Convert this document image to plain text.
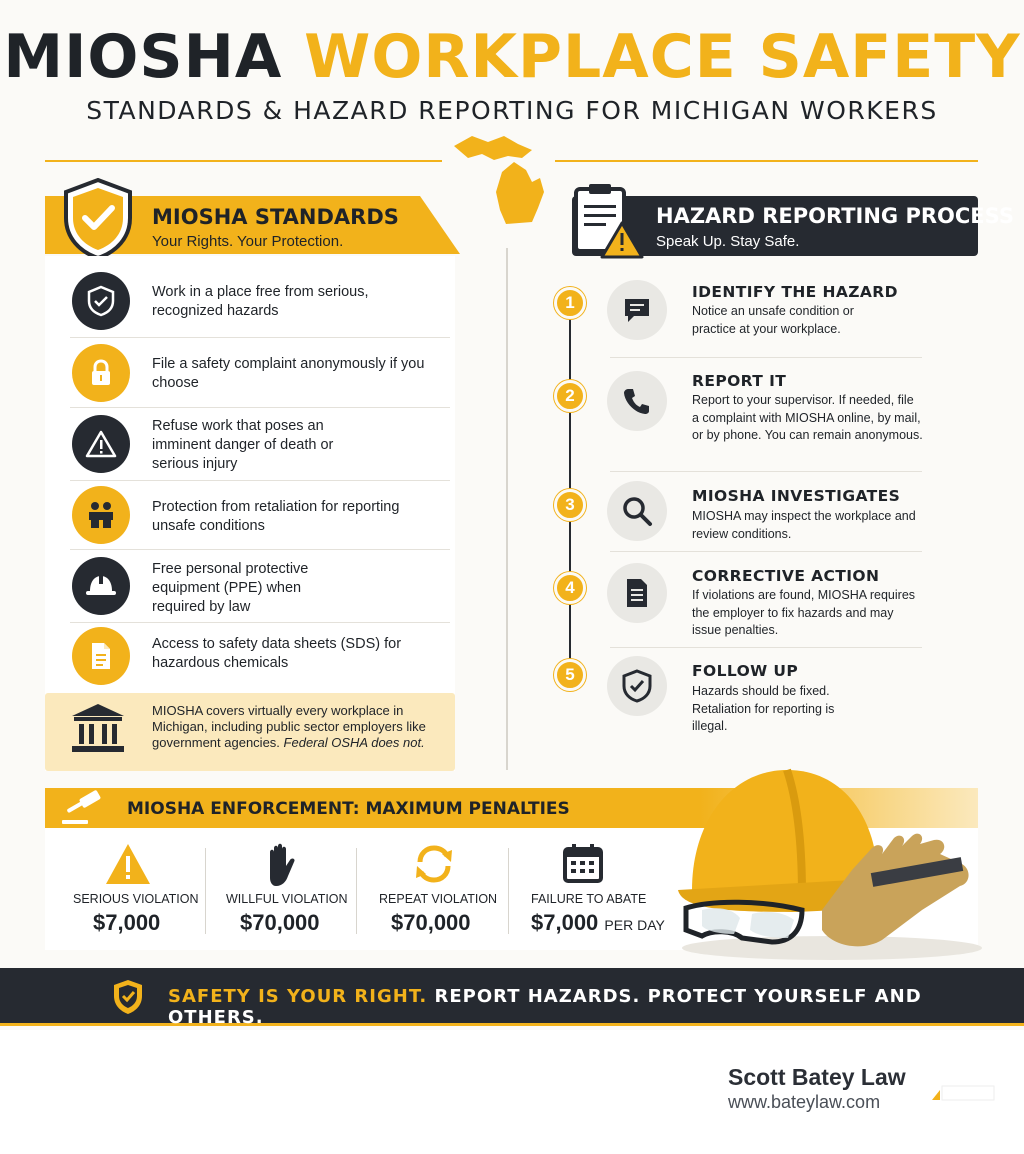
MIOSHA WORKPLACE SAFETY
STANDARDS & HAZARD REPORTING FOR MICHIGAN WORKERS
MIOSHA STANDARDS
Your Rights. Your Protection.
Work in a place free from serious, recognized hazards
File a safety complaint anonymously if you choose
Refuse work that poses an imminent danger of death or serious injury
Protection from retaliation for reporting unsafe conditions
Free personal protective equipment (PPE) when required by law
Access to safety data sheets (SDS) for hazardous chemicals
MIOSHA covers virtually every workplace in Michigan, including public sector employers like government agencies. Federal OSHA does not.
HAZARD REPORTING PROCESS
Speak Up. Stay Safe.
1
IDENTIFY THE HAZARD
Notice an unsafe condition or practice at your workplace.
2
REPORT IT
Report to your supervisor. If needed, file a complaint with MIOSHA online, by mail, or by phone. You can remain anonymous.
3	MIOSHA INVESTIGATES
MIOSHA may inspect the workplace and review conditions.
4
CORRECTIVE ACTION
If violations are found, MIOSHA requires the employer to fix hazards and may issue penalties.
5	FOLLOW UP
Hazards should be fixed. Retaliation for reporting is illegal.
MIOSHA ENFORCEMENT: MAXIMUM PENALTIES
SERIOUS VIOLATION
$7,000
WILLFUL VIOLATION
$70,000
REPEAT VIOLATION
$70,000
FAILURE TO ABATE
$7,000 PER DAY
SAFETY IS YOUR RIGHT. REPORT HAZARDS. PROTECT YOURSELF AND OTHERS.
Scott Batey Law
www.bateylaw.com
